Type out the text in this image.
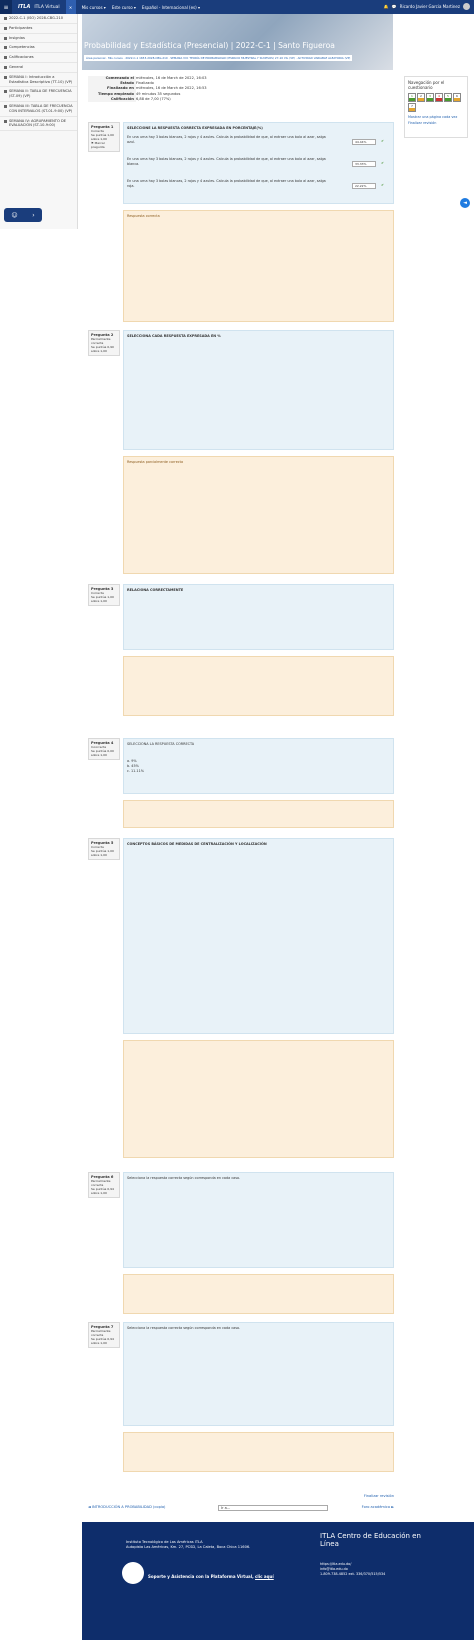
≡	ITLA ITLA Virtual	✕	Mis cursos ▾ Este curso ▾ Español - Internacional (es) ▾	🔔 💬 Ricardo Javier Garcia Martinez
2022-C-1 (ISO) 2028-CBG-210
Participantes
Insignias
Competencias
Calificaciones
General
SEMANA I: Introducción a Estadística Descriptiva (TT-10) (VP)
SEMANA II: TABLA DE FRECUENCIA (ST-09) (VP)
SEMANA III: TABLA DE FRECUENCIA CON INTERVALOS (ST-01-9:00) (VP)
SEMANA IV: AGRUPAMIENTO DE EVALUACIÓN (ST-10-9:00)
☺ ›
Probabilidad y Estadística (Presencial) | 2022-C-1 | Santo Figueroa
Área personal · Mis cursos · 2022-C-1 1653-2028-CBG-210 · SEMANA VIII: TEORÍA DE PROBABILIDAD (ESPACIO MUESTRAL Y SUCESOS) 27-10 VIL (VP) · ACTIVIDAD VARIABLE ALEATORIA (VP)
Comenzado el miércoles, 16 de March de 2022, 16:03
Estado Finalizado
Finalizado en miércoles, 16 de March de 2022, 16:53
Tiempo empleado 49 minutos 35 segundos
Calificación 6,88 de 7,00 (77%)
Navegación por el cuestionario
1 2 3 4 5 67
Mostrar una página cada vez
Finalizar revisión
◄
Pregunta 1
Correcta
Se puntúa 1,00 sobre 1,00
⚑ Marcar pregunta
SELECCIONE LA RESPUESTA CORRECTA EXPRESADA EN PORCENTAJE(%)
En una urna hay 3 bolas blancas, 2 rojas y 4 azules. Calcula la probabilidad de que, al extraer una bola al azar, salga azul.	44.44%	✔
En una urna hay 3 bolas blancas, 2 rojas y 4 azules. Calcula la probabilidad de que, al extraer una bola al azar, salga blanca.	33.33%	✔
En una urna hay 3 bolas blancas, 2 rojas y 4 azules. Calcula la probabilidad de que, al extraer una bola al azar, salga roja.	22.22%	✔
Respuesta correcta
Pregunta 2
Parcialmente correcta
Se puntúa 0,90 sobre 1,00
SELECCIONA CADA RESPUESTA EXPRESADA EN %
Respuesta parcialmente correcta
Pregunta 3
Correcta
Se puntúa 1,00 sobre 1,00
RELACIONA CORRECTAMENTE
Pregunta 4
Incorrecta
Se puntúa 0,00 sobre 1,00
SELECCIONA LA RESPUESTA CORRECTA
a. 9%
b. 45%
c. 11.11%
Pregunta 5
Correcta
Se puntúa 1,00 sobre 1,00
CONCEPTOS BÁSICOS DE MEDIDAS DE CENTRALIZACIÓN Y LOCALIZACIÓN
Pregunta 6
Parcialmente correcta
Se puntúa 0,94 sobre 1,00
Selecciona la respuesta correcta según corresponda en cada caso.
Pregunta 7
Parcialmente correcta
Se puntúa 0,94 sobre 1,00
Selecciona la respuesta correcta según corresponda en cada caso.
Finalizar revisión
◄ INTRODUCCIÓN A PROBABILIDAD (copia)	Ir a...	Foro académico ►
Instituto Tecnológico de Las Américas ITLA
Autopista Las Américas, Km. 27, PCSD, La Caleta, Boca Chica 11606.
Soporte y Asistencia con la Plataforma Virtual, clic aquí
ITLA Centro de Educación en Línea
https://itla.edu.do/
info@itla.edu.do
1-809-738-4852 ext. 336/370/515/534
